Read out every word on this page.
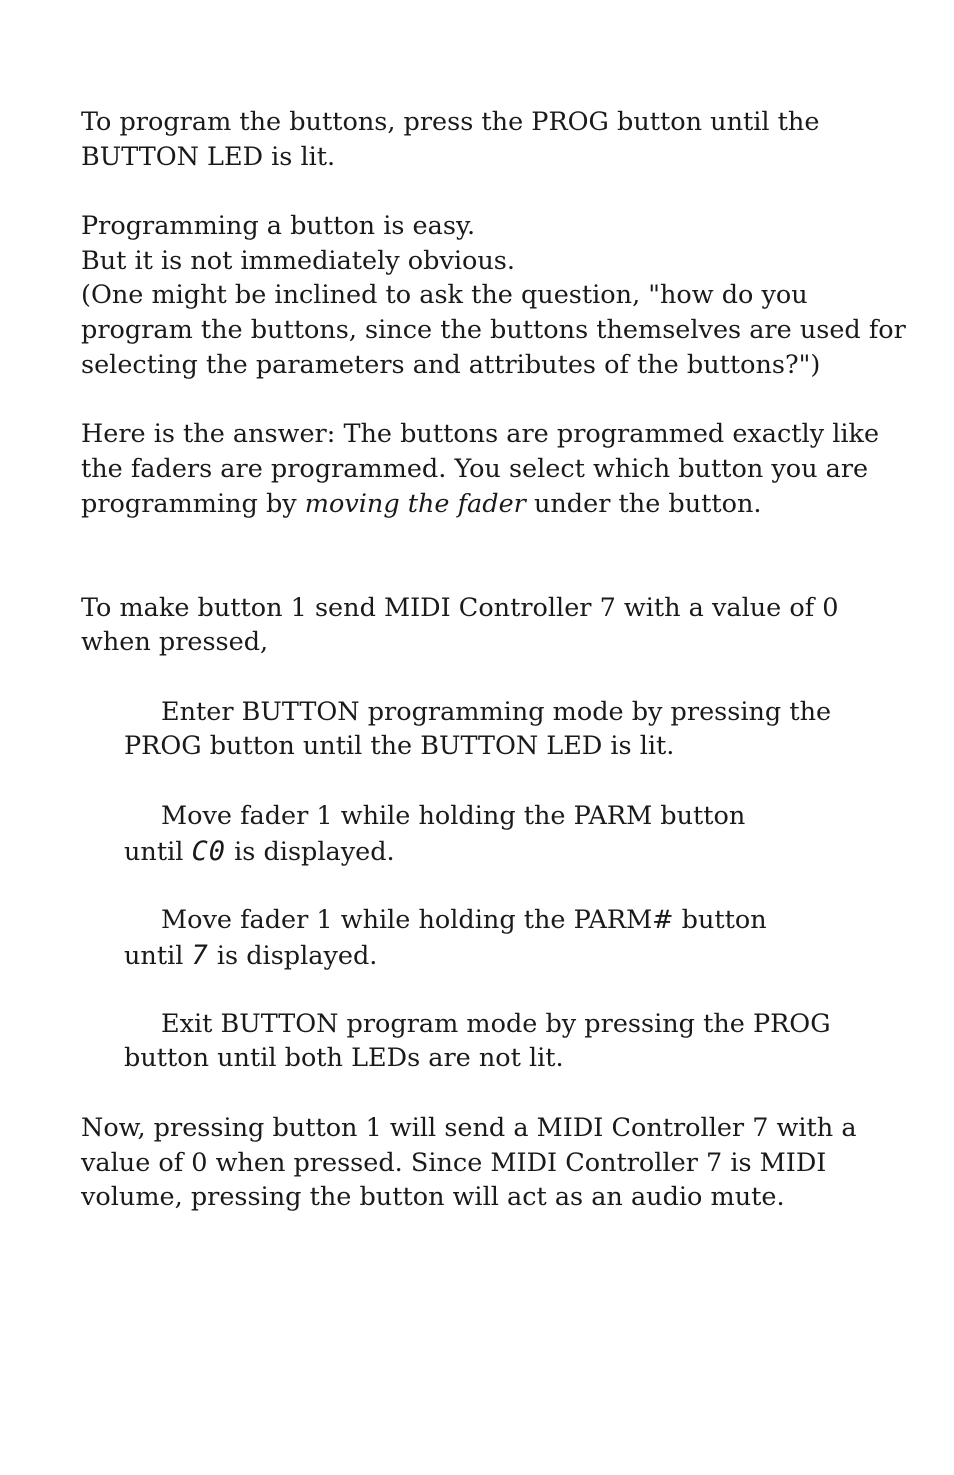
To program the buttons, press the PROG button until the
BUTTON LED is lit.
Programming a button is easy.
But it is not immediately obvious.
(One might be inclined to ask the question, "how do you
program the buttons, since the buttons themselves are used for
selecting the parameters and attributes of the buttons?")
Here is the answer: The buttons are programmed exactly like
the faders are programmed. You select which button you are
programming by moving the fader under the button.
To make button 1 send MIDI Controller 7 with a value of 0
when pressed,
Enter BUTTON programming mode by pressing the
PROG button until the BUTTON LED is lit.
Move fader 1 while holding the PARM button
until C0 is displayed.
Move fader 1 while holding the PARM# button
until 7 is displayed.
Exit BUTTON program mode by pressing the PROG
button until both LEDs are not lit.
Now, pressing button 1 will send a MIDI Controller 7 with a
value of 0 when pressed. Since MIDI Controller 7 is MIDI
volume, pressing the button will act as an audio mute.
